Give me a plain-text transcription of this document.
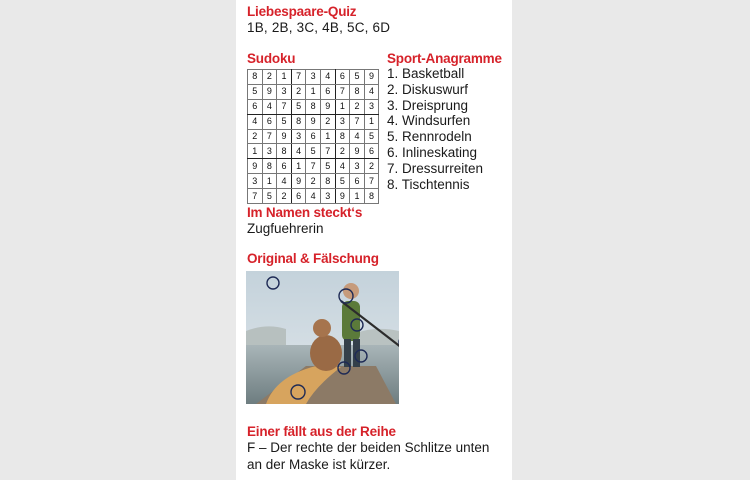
Liebespaare-Quiz
1B, 2B, 3C, 4B, 5C, 6D
Sudoku
8	2	1	7	3	4	6	5	9
5	9	3	2	1	6	7	8	4
6	4	7	5	8	9	1	2	3
4	6	5	8	9	2	3	7	1
2	7	9	3	6	1	8	4	5
1	3	8	4	5	7	2	9	6
9	8	6	1	7	5	4	3	2
3	1	4	9	2	8	5	6	7
7	5	2	6	4	3	9	1	8
Sport-Anagramme
1. Basketball
2. Diskuswurf
3. Dreisprung
4. Windsurfen
5. Rennrodeln
6. Inlineskating
7. Dressurreiten
8. Tischtennis
Im Namen steckt‘s
Zugfuehrerin
Original & Fälschung
Einer fällt aus der Reihe
F – Der rechte der beiden Schlitze unten an der Maske ist kürzer.
